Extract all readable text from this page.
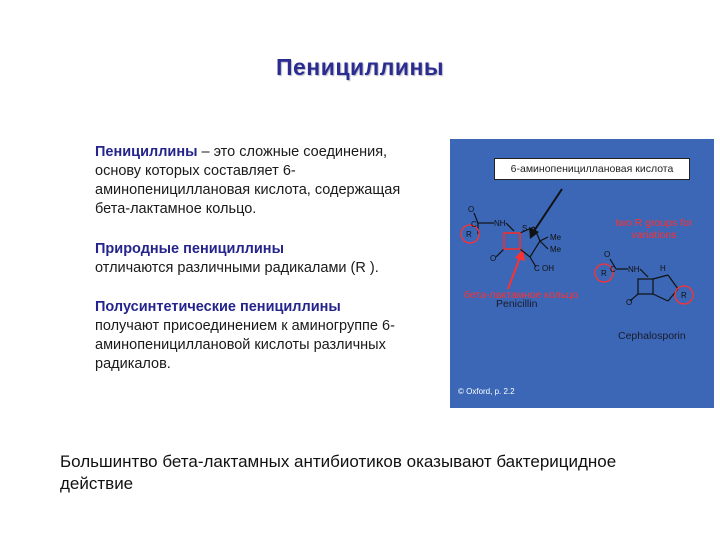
Пенициллины
Пенициллины – это сложные соединения, основу которых составляет 6-аминопенициллановая кислота, содержащая бета-лактамное кольцо.
Природные пенициллины
отличаются различными радикалами (R ).
Полусинтетические пенициллины
получают присоединением к аминогруппе 6-аминопенициллановой кислоты различных радикалов.
O
C NH
S
R	Me
Me
O
C OH
O
C NH
R
R
O
H
6-аминопенициллановая кислота
бета-лактамное кольцо
Penicillin
two R groups for
variations
Cephalosporin
© Oxford, p. 2.2
Большинтво бета-лактамных антибиотиков оказывают бактерицидное действие
